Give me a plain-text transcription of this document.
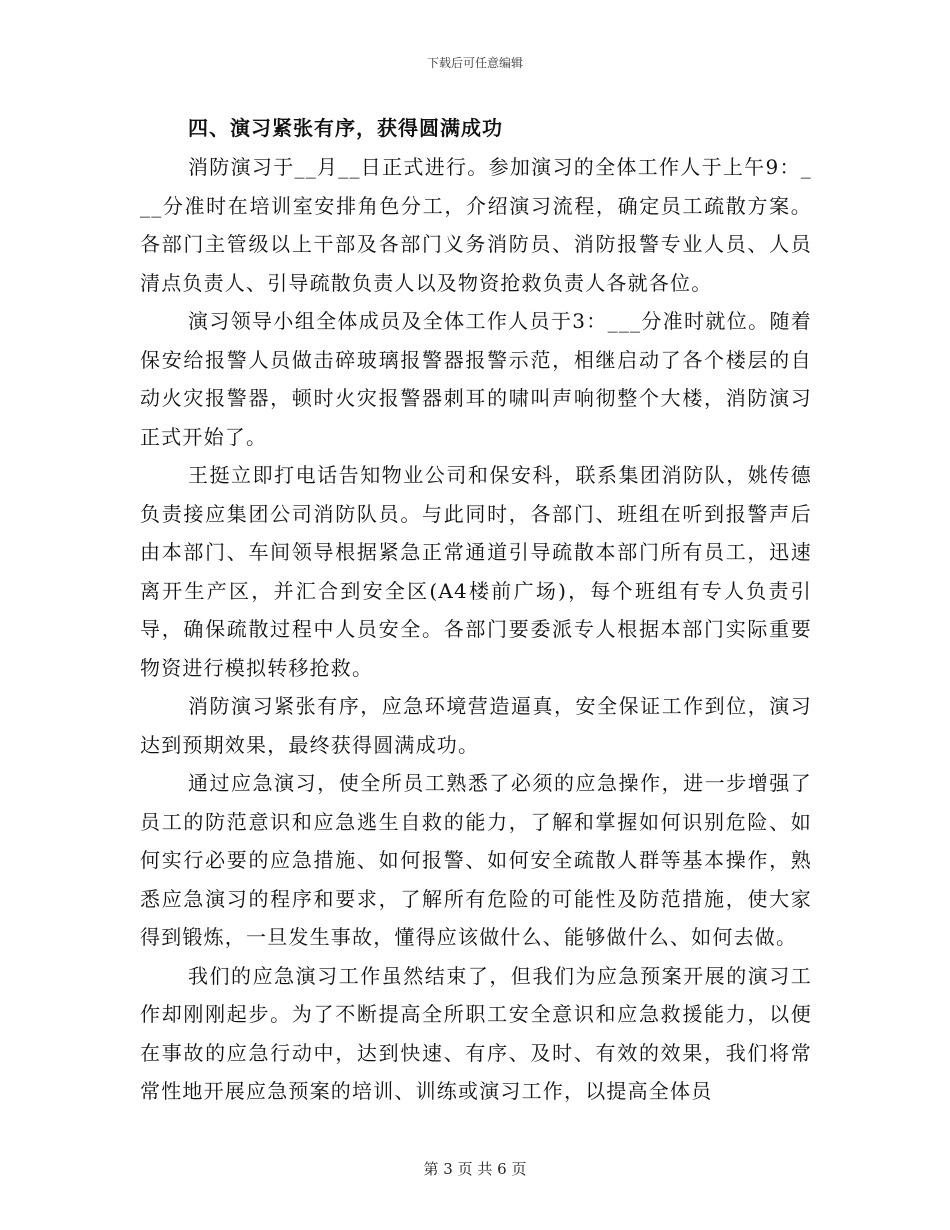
下载后可任意编辑
四、演习紧张有序，获得圆满成功

消防演习于__月__日正式进行。参加演习的全体工作人于上午9：___分准时在培训室安排角色分工，介绍演习流程，确定员工疏散方案。各部门主管级以上干部及各部门义务消防员、消防报警专业人员、人员清点负责人、引导疏散负责人以及物资抢救负责人各就各位。

演习领导小组全体成员及全体工作人员于3：___分准时就位。随着保安给报警人员做击碎玻璃报警器报警示范，相继启动了各个楼层的自动火灾报警器，顿时火灾报警器刺耳的啸叫声响彻整个大楼，消防演习正式开始了。

王挺立即打电话告知物业公司和保安科，联系集团消防队，姚传德负责接应集团公司消防队员。与此同时，各部门、班组在听到报警声后由本部门、车间领导根据紧急正常通道引导疏散本部门所有员工，迅速离开生产区，并汇合到安全区(A4楼前广场)，每个班组有专人负责引导，确保疏散过程中人员安全。各部门要委派专人根据本部门实际重要物资进行模拟转移抢救。

消防演习紧张有序，应急环境营造逼真，安全保证工作到位，演习达到预期效果，最终获得圆满成功。

通过应急演习，使全所员工熟悉了必须的应急操作，进一步增强了员工的防范意识和应急逃生自救的能力，了解和掌握如何识别危险、如何实行必要的应急措施、如何报警、如何安全疏散人群等基本操作，熟悉应急演习的程序和要求，了解所有危险的可能性及防范措施，使大家得到锻炼，一旦发生事故，懂得应该做什么、能够做什么、如何去做。

我们的应急演习工作虽然结束了，但我们为应急预案开展的演习工作却刚刚起步。为了不断提高全所职工安全意识和应急救援能力，以便在事故的应急行动中，达到快速、有序、及时、有效的效果，我们将常常性地开展应急预案的培训、训练或演习工作，以提高全体员

第 3 页 共 6 页
